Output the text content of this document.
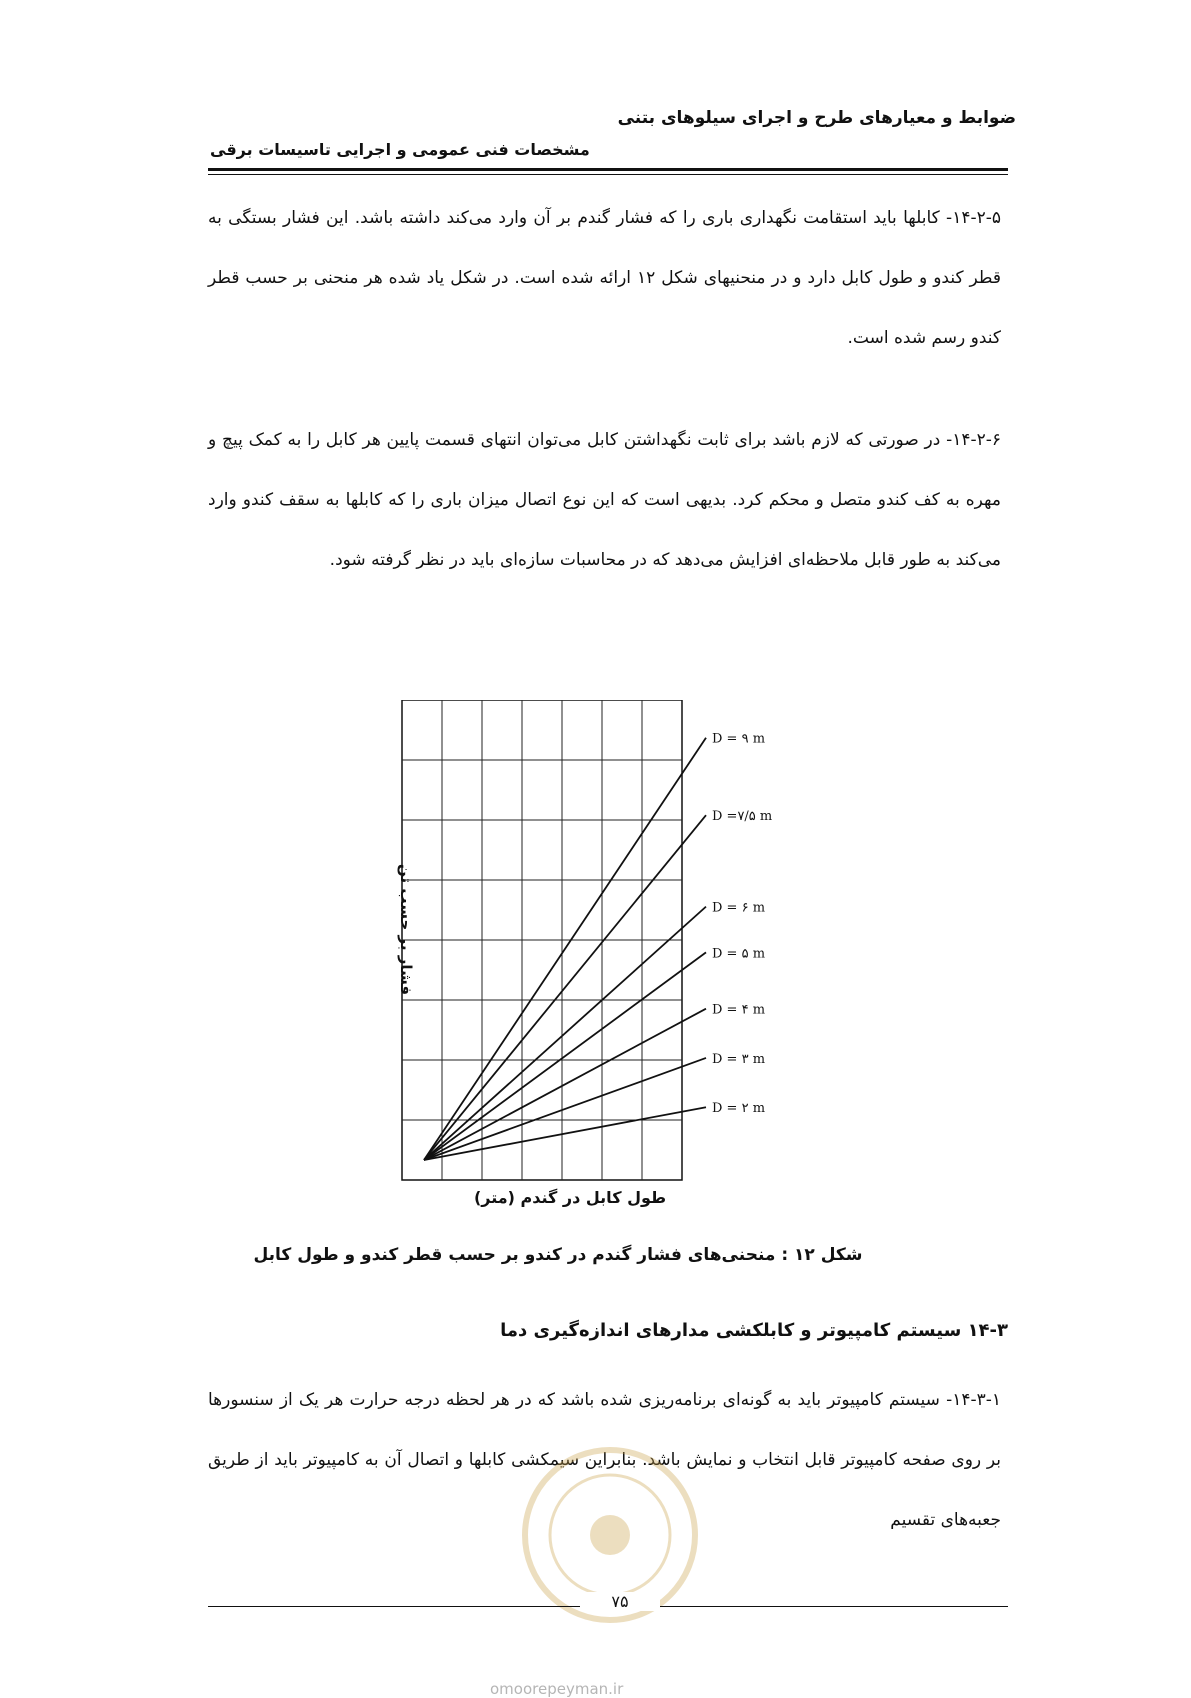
ضوابط و معیارهای طرح و اجرای سیلوهای بتنی
مشخصات فنی عمومی و اجرایی تاسیسات برقی

۱۴-۲-۵- کابلها باید استقامت نگهداری باری را که فشار گندم بر آن وارد می‌کند داشته باشد. این فشار بستگی به قطر کندو و طول کابل دارد و در منحنیهای شکل ۱۲ ارائه شده است. در شکل یاد شده هر منحنی بر حسب قطر کندو رسم شده است.

۱۴-۲-۶- در صورتی که لازم باشد برای ثابت نگهداشتن کابل می‌توان انتهای قسمت پایین هر کابل را به کمک پیچ و مهره به کف کندو متصل و محکم کرد. بدیهی است که این نوع اتصال میزان باری را که کابلها به سقف کندو وارد می‌کند به طور قابل ملاحظه‌ای افزایش می‌دهد که در محاسبات سازه‌ای باید در نظر گرفته شود.

D = ۹ m
D =۷/۵ m
D = ۶ m
D = ۵ m
D = ۴ m
D = ۳ m
D = ۲ m
فشار بر حسب تن
طول کابل در گندم (متر)
شکل ۱۲ : منحنی‌های فشار گندم در کندو بر حسب قطر کندو و طول کابل
۱۴-۳ سیستم کامپیوتر و کابلکشی مدارهای اندازه‌گیری دما

۱۴-۳-۱- سیستم کامپیوتر باید به گونه‌ای برنامه‌ریزی شده باشد که در هر لحظه درجه حرارت هر یک از سنسورها بر روی صفحه کامپیوتر قابل انتخاب و نمایش باشد. بنابراین سیمکشی کابلها و اتصال آن به کامپیوتر باید از طریق جعبه‌های تقسیم

۷۵
omoorepeyman.ir
